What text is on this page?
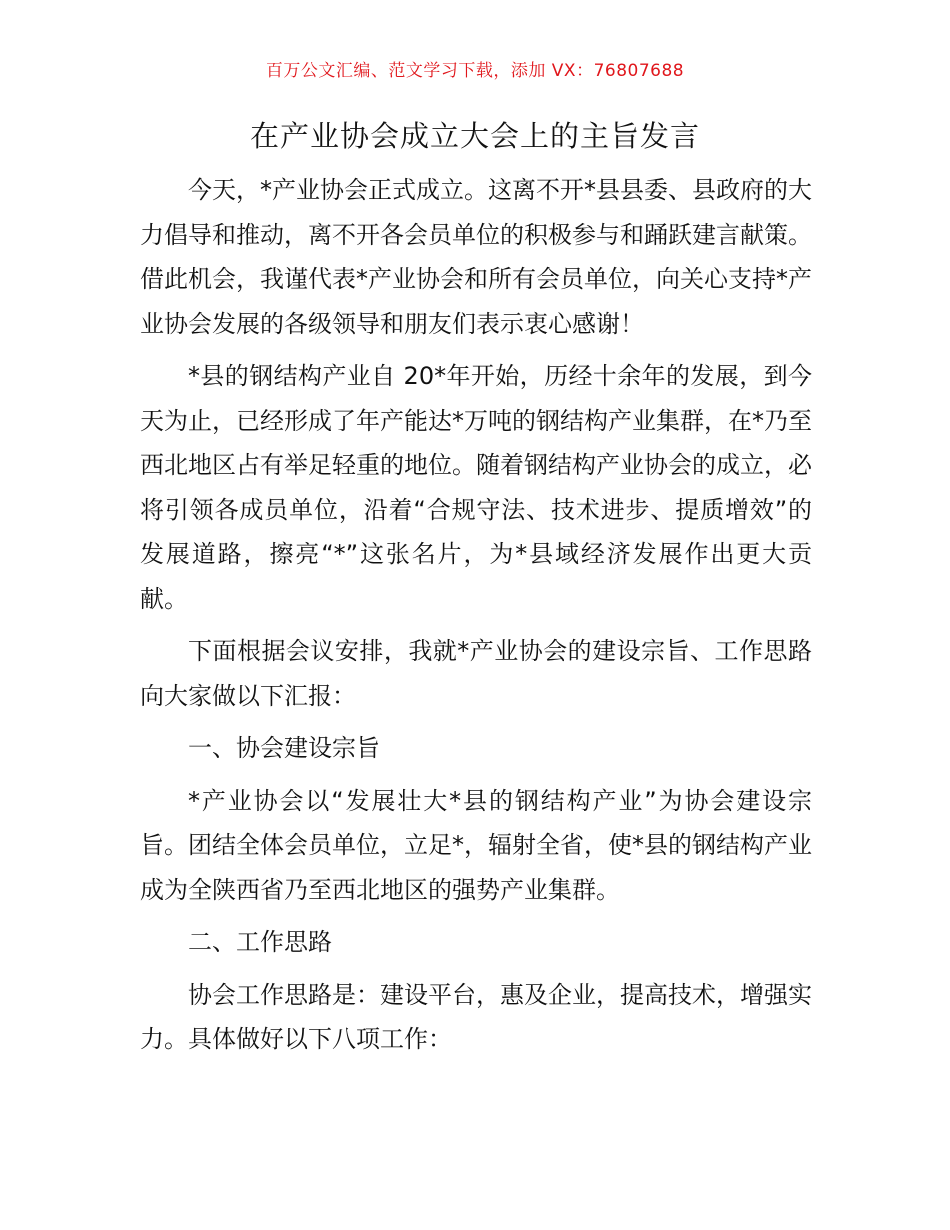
百万公文汇编、范文学习下载，添加 VX：76807688
在产业协会成立大会上的主旨发言

今天，*产业协会正式成立。这离不开*县县委、县政府的大力倡导和推动，离不开各会员单位的积极参与和踊跃建言献策。借此机会，我谨代表*产业协会和所有会员单位，向关心支持*产业协会发展的各级领导和朋友们表示衷心感谢！

*县的钢结构产业自 20*年开始，历经十余年的发展，到今天为止，已经形成了年产能达*万吨的钢结构产业集群，在*乃至西北地区占有举足轻重的地位。随着钢结构产业协会的成立，必将引领各成员单位，沿着“合规守法、技术进步、提质增效”的发展道路，擦亮“*”这张名片，为*县域经济发展作出更大贡献。

下面根据会议安排，我就*产业协会的建设宗旨、工作思路向大家做以下汇报：

一、协会建设宗旨

*产业协会以“发展壮大*县的钢结构产业”为协会建设宗旨。团结全体会员单位，立足*，辐射全省，使*县的钢结构产业成为全陕西省乃至西北地区的强势产业集群。

二、工作思路

协会工作思路是：建设平台，惠及企业，提高技术，增强实力。具体做好以下八项工作：
